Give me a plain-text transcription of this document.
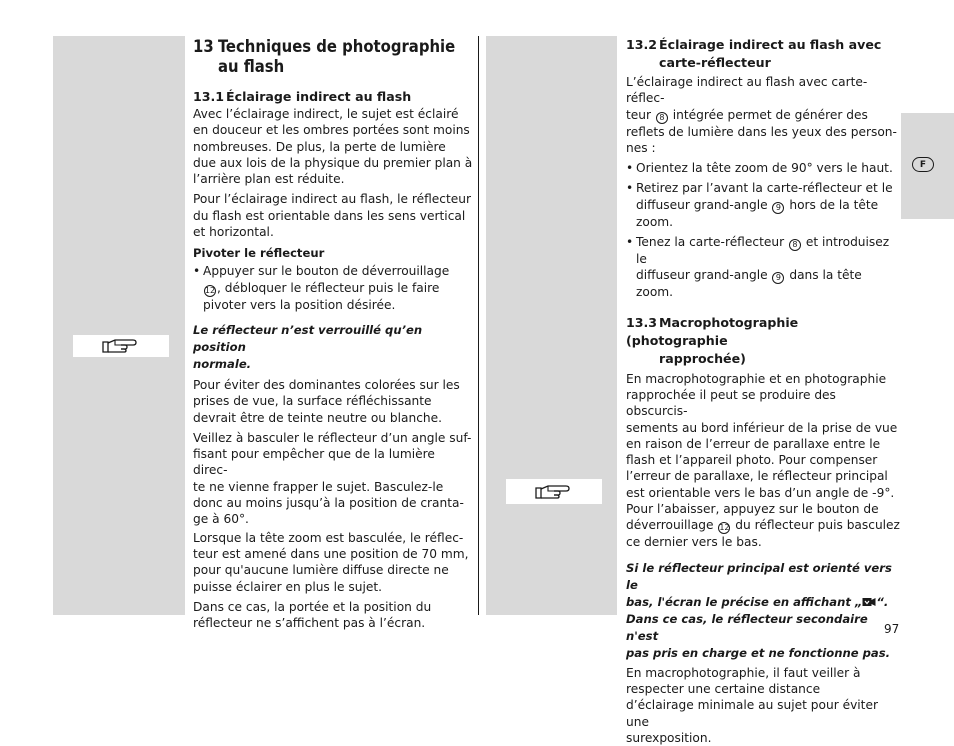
F
13 Techniques de photographie
au flash
13.1 Éclairage indirect au flash

Avec l’éclairage indirect, le sujet est éclairé
en douceur et les ombres portées sont moins
nombreuses. De plus, la perte de lumière
due aux lois de la physique du premier plan à
l’arrière plan est réduite.

Pour l’éclairage indirect au flash, le réflecteur
du flash est orientable dans les sens vertical
et horizontal.

Pivoter le réflecteur
• Appuyer sur le bouton de déverrouillage
12 , débloquer le réflecteur puis le faire
pivoter vers la position désirée.

Le réflecteur n’est verrouillé qu’en position
normale.

Pour éviter des dominantes colorées sur les
prises de vue, la surface réfléchissante
devrait être de teinte neutre ou blanche.

Veillez à basculer le réflecteur d’un angle suf-
fisant pour empêcher que de la lumière direc-
te ne vienne frapper le sujet. Basculez-le
donc au moins jusqu’à la position de cranta-
ge à 60°.

Lorsque la tête zoom est basculée, le réflec-
teur est amené dans une position de 70 mm,
pour qu'aucune lumière diffuse directe ne
puisse éclairer en plus le sujet.

Dans ce cas, la portée et la position du
réflecteur ne s’affichent pas à l’écran.

13.2 Éclairage indirect au flash avec
carte-réflecteur

L’éclairage indirect au flash avec carte-réflec-
teur 8 intégrée permet de générer des
reflets de lumière dans les yeux des person-
nes :

• Orientez la tête zoom de 90° vers le haut.
• Retirez par l’avant la carte-réflecteur et le
diffuseur grand-angle 9 hors de la tête
zoom.
• Tenez la carte-réflecteur 8 et introduisez le
diffuseur grand-angle 9 dans la tête zoom.
13.3 Macrophotographie (photographie
rapprochée)

En macrophotographie et en photographie
rapprochée il peut se produire des obscurcis-
sements au bord inférieur de la prise de vue
en raison de l’erreur de parallaxe entre le
flash et l’appareil photo. Pour compenser
l’erreur de parallaxe, le réflecteur principal
est orientable vers le bas d’un angle de -9°.
Pour l’abaisser, appuyez sur le bouton de
déverrouillage 12 du réflecteur puis basculez
ce dernier vers le bas.

Si le réflecteur principal est orienté vers le
bas, l'écran le précise en affichant „ “.
Dans ce cas, le réflecteur secondaire n'est
pas pris en charge et ne fonctionne pas.

En macrophotographie, il faut veiller à
respecter une certaine distance
d’éclairage minimale au sujet pour éviter une
surexposition.

97
